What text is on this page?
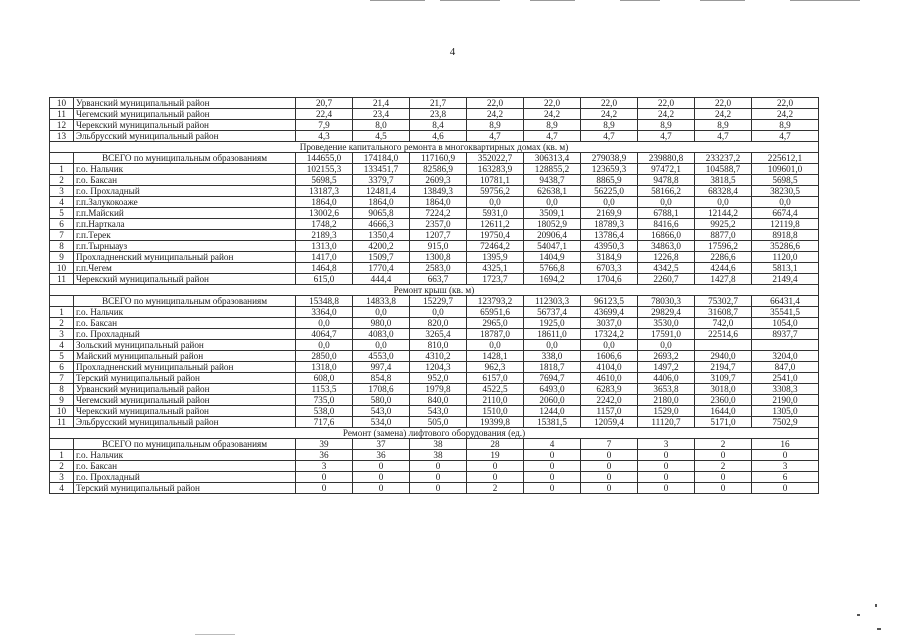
4
10	Урванский муниципальный район	20,7	21,4	21,7	22,0	22,0	22,0	22,0	22,0	22,0
11	Чегемский муниципальный район	22,4	23,4	23,8	24,2	24,2	24,2	24,2	24,2	24,2
12	Черекский муниципальный район	7,9	8,0	8,4	8,9	8,9	8,9	8,9	8,9	8,9
13	Эльбрусский муниципальный район	4,3	4,5	4,6	4,7	4,7	4,7	4,7	4,7	4,7
Проведение капитального ремонта в многоквартирных домах (кв. м)										
	ВСЕГО по муниципальным образованиям	144655,0	174184,0	117160,9	352022,7	306313,4	279038,9	239880,8	233237,2	225612,1
1	г.о. Нальчик	102155,3	133451,7	82586,9	163283,9	128855,2	123659,3	97472,1	104588,7	109601,0
2	г.о. Баксан	5698,5	3379,7	2609,3	10781,1	9438,7	8865,9	9478,8	3818,5	5698,5
3	г.о. Прохладный	13187,3	12481,4	13849,3	59756,2	62638,1	56225,0	58166,2	68328,4	38230,5
4	г.п.Залукокоаже	1864,0	1864,0	1864,0	0,0	0,0	0,0	0,0	0,0	0,0
5	г.п.Майский	13002,6	9065,8	7224,2	5931,0	3509,1	2169,9	6788,1	12144,2	6674,4
6	г.п.Нарткала	1748,2	4666,3	2357,0	12611,2	18052,9	18789,3	8416,6	9925,2	12119,8
7	г.п.Терек	2189,3	1350,4	1207,7	19750,4	20906,4	13786,4	16866,0	8877,0	8918,8
8	г.п.Тырныауз	1313,0	4200,2	915,0	72464,2	54047,1	43950,3	34863,0	17596,2	35286,6
9	Прохладненский муниципальный район	1417,0	1509,7	1300,8	1395,9	1404,9	3184,9	1226,8	2286,6	1120,0
10	г.п.Чегем	1464,8	1770,4	2583,0	4325,1	5766,8	6703,3	4342,5	4244,6	5813,1
11	Черекский муниципальный район	615,0	444,4	663,7	1723,7	1694,2	1704,6	2260,7	1427,8	2149,4
Ремонт крыш (кв. м)										
	ВСЕГО по муниципальным образованиям	15348,8	14833,8	15229,7	123793,2	112303,3	96123,5	78030,3	75302,7	66431,4
1	г.о. Нальчик	3364,0	0,0	0,0	65951,6	56737,4	43699,4	29829,4	31608,7	35541,5
2	г.о. Баксан	0,0	980,0	820,0	2965,0	1925,0	3037,0	3530,0	742,0	1054,0
3	г.о. Прохладный	4064,7	4083,0	3265,4	18787,0	18611,0	17324,2	17591,0	22514,6	8937,7
4	Зольский муниципальный район	0,0	0,0	810,0	0,0	0,0	0,0	0,0		
5	Майский муниципальный район	2850,0	4553,0	4310,2	1428,1	338,0	1606,6	2693,2	2940,0	3204,0
6	Прохладненский муниципальный район	1318,0	997,4	1204,3	962,3	1818,7	4104,0	1497,2	2194,7	847,0
7	Терский муниципальный район	608,0	854,8	952,0	6157,0	7694,7	4610,0	4406,0	3109,7	2541,0
8	Урванский муниципальный район	1153,5	1708,6	1979,8	4522,5	6493,0	6283,9	3653,8	3018,0	3308,3
9	Чегемский муниципальный район	735,0	580,0	840,0	2110,0	2060,0	2242,0	2180,0	2360,0	2190,0
10	Черекский муниципальный район	538,0	543,0	543,0	1510,0	1244,0	1157,0	1529,0	1644,0	1305,0
11	Эльбрусский муниципальный район	717,6	534,0	505,0	19399,8	15381,5	12059,4	11120,7	5171,0	7502,9
Ремонт (замена) лифтового оборудования (ед.)										
	ВСЕГО по муниципальным образованиям	39	37	38	28	4	7	3	2	16
1	г.о. Нальчик	36	36	38	19	0	0	0	0	0
2	г.о. Баксан	3	0	0	0	0	0	0	2	3
3	г.о. Прохладный	0	0	0	0	0	0	0	0	6
4	Терский муниципальный район	0	0	0	2	0	0	0	0	0
